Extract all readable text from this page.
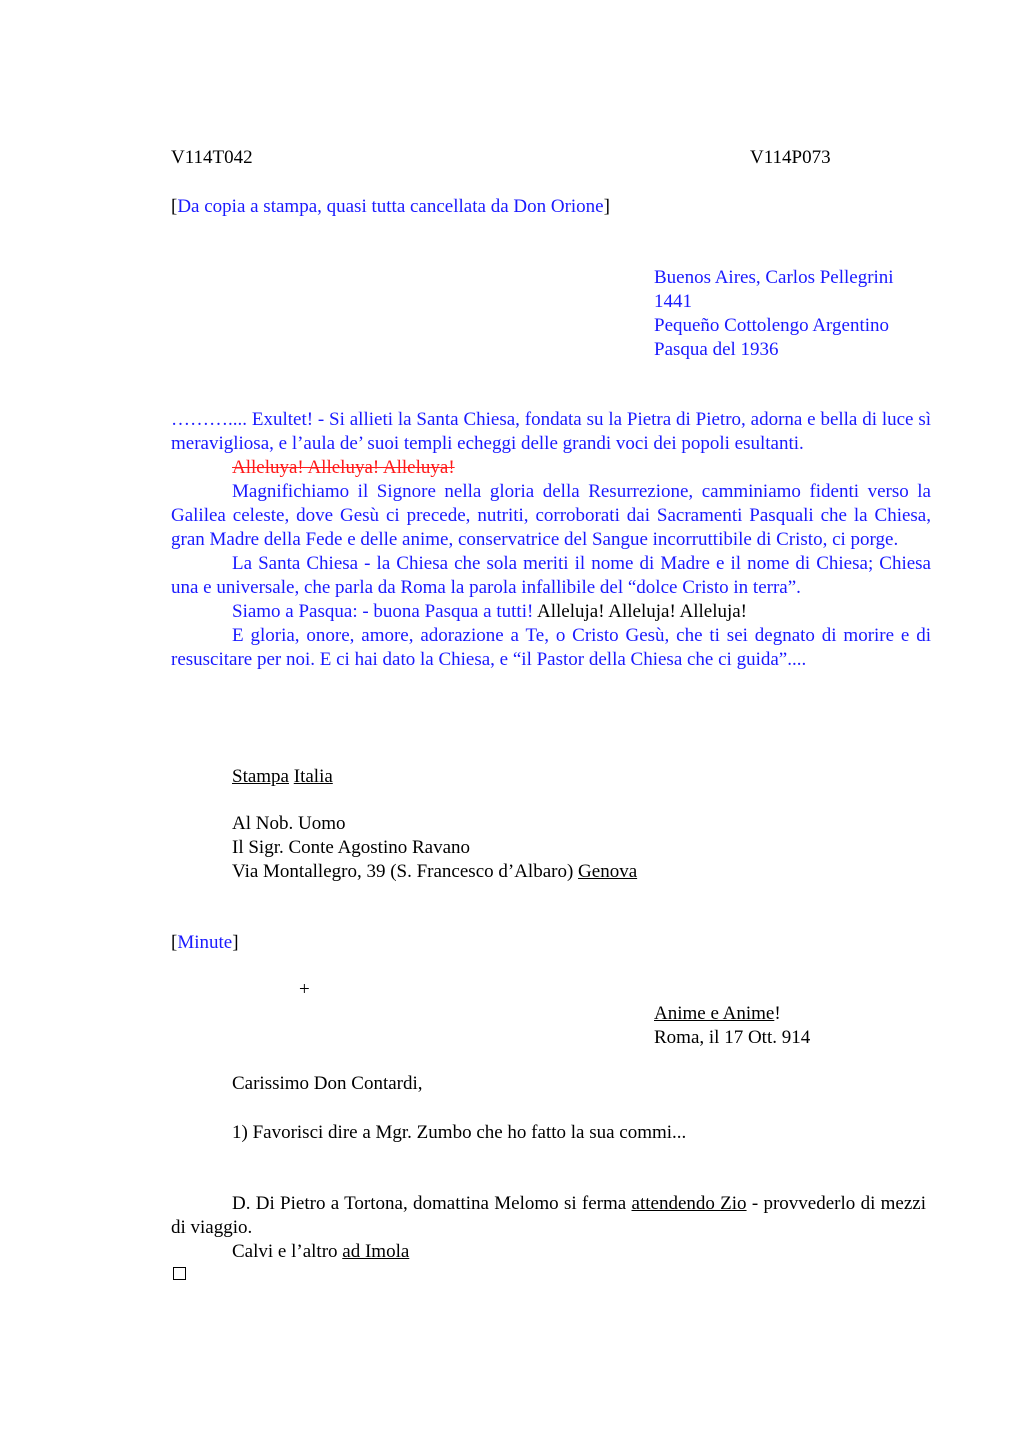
V114T042	V114P073
[Da copia a stampa, quasi tutta cancellata da Don Orione]
Buenos Aires, Carlos Pellegrini
1441
Pequeño Cottolengo Argentino
Pasqua del 1936

……….... Exultet! - Si allieti la Santa Chiesa, fondata su la Pietra di Pietro, adorna e bella di luce sì meravigliosa, e l’aula de’ suoi templi echeggi delle grandi voci dei popoli esultanti.

Alleluya! Alleluya! Alleluya!

Magnifichiamo il Signore nella gloria della Resurrezione, camminiamo fidenti verso la Galilea celeste, dove Gesù ci precede, nutriti, corroborati dai Sacramenti Pasquali che la Chiesa, gran Madre della Fede e delle anime, conservatrice del Sangue incorruttibile di Cristo, ci porge.

La Santa Chiesa - la Chiesa che sola meriti il nome di Madre e il nome di Chiesa; Chiesa una e universale, che parla da Roma la parola infallibile del “dolce Cristo in terra”.

Siamo a Pasqua: - buona Pasqua a tutti! Alleluja! Alleluja! Alleluja!

E gloria, onore, amore, adorazione a Te, o Cristo Gesù, che ti sei degnato di morire e di resuscitare per noi. E ci hai dato la Chiesa, e “il Pastor della Chiesa che ci guida”....

Stampa Italia
Al Nob. Uomo
Il Sigr. Conte Agostino Ravano
Via Montallegro, 39 (S. Francesco d’Albaro) Genova
[Minute]
+
Anime e Anime!
Roma, il 17 Ott. 914
Carissimo Don Contardi,
1) Favorisci dire a Mgr. Zumbo che ho fatto la sua commi...

D. Di Pietro a Tortona, domattina Melomo si ferma attendendo Zio - provvederlo di mezzi di viaggio.

Calvi e l’altro ad Imola
